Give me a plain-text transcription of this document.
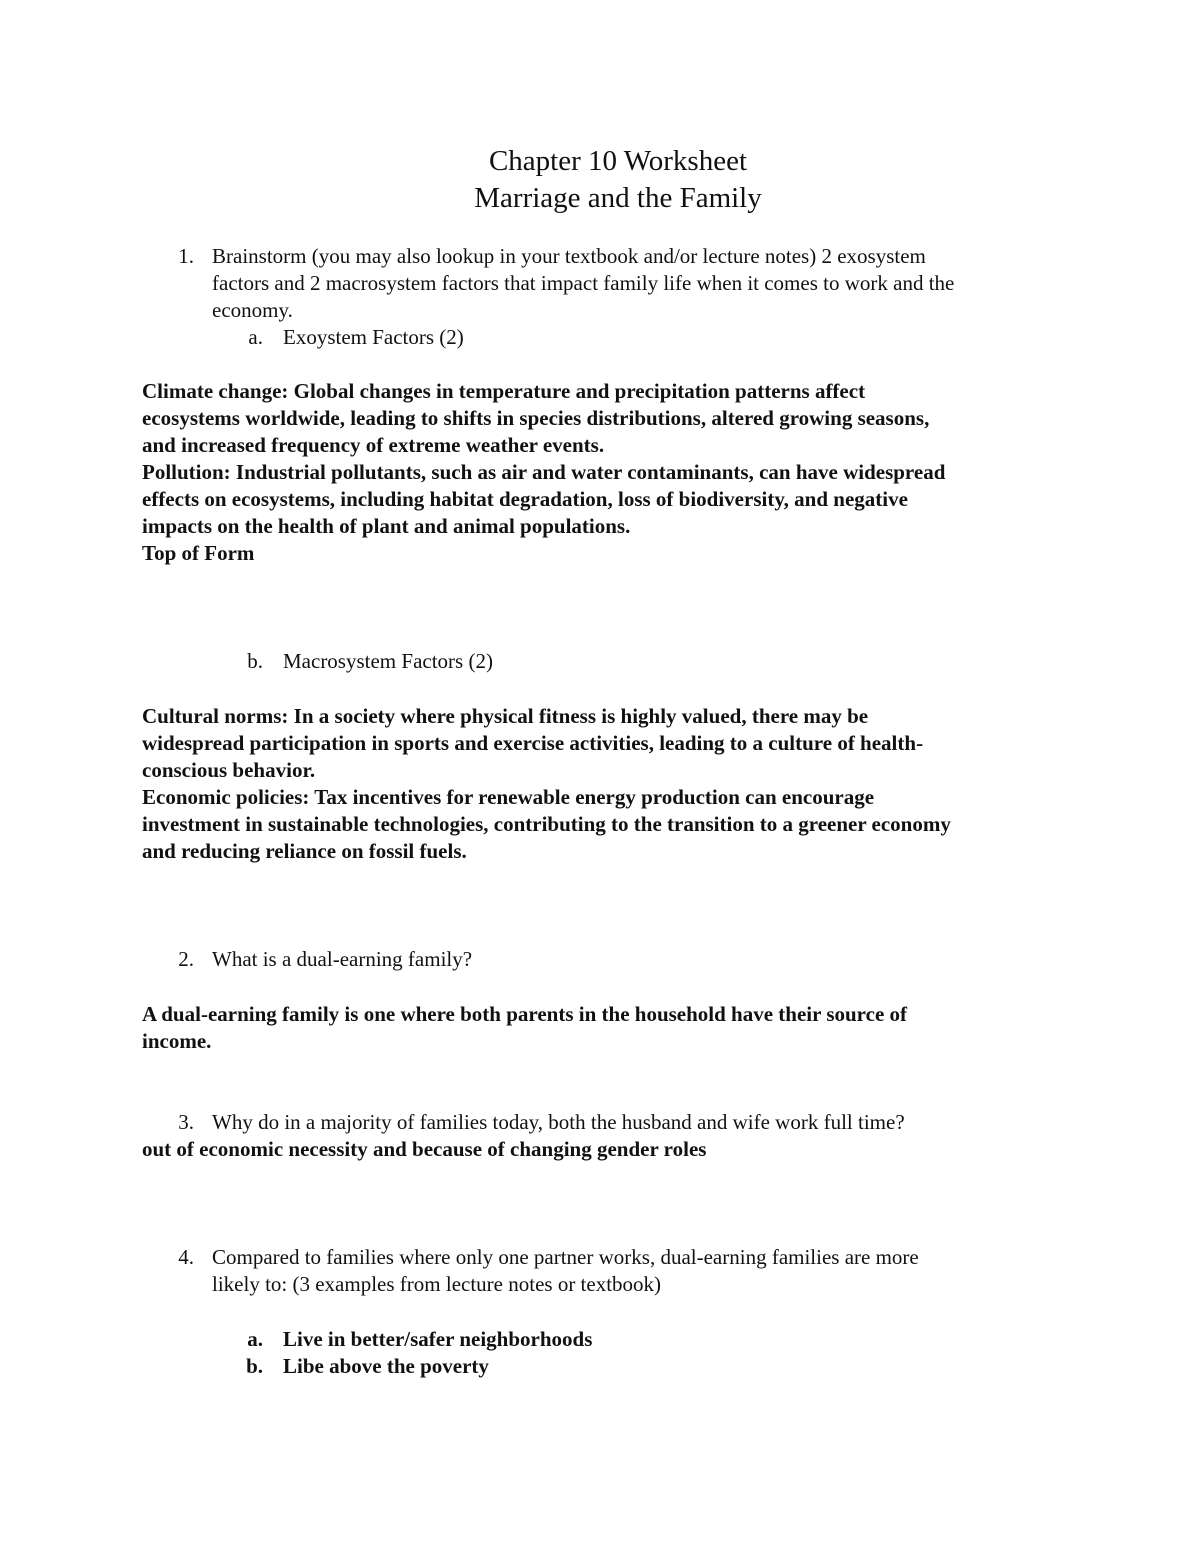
Chapter 10 Worksheet
Marriage and the Family
1. Brainstorm (you may also lookup in your textbook and/or lecture notes) 2 exosystem
factors and 2 macrosystem factors that impact family life when it comes to work and the
economy.
a. Exoystem Factors (2)
Climate change: Global changes in temperature and precipitation patterns affect
ecosystems worldwide, leading to shifts in species distributions, altered growing seasons,
and increased frequency of extreme weather events.
Pollution: Industrial pollutants, such as air and water contaminants, can have widespread
effects on ecosystems, including habitat degradation, loss of biodiversity, and negative
impacts on the health of plant and animal populations.
Top of Form
b. Macrosystem Factors (2)
Cultural norms: In a society where physical fitness is highly valued, there may be
widespread participation in sports and exercise activities, leading to a culture of health-
conscious behavior.
Economic policies: Tax incentives for renewable energy production can encourage
investment in sustainable technologies, contributing to the transition to a greener economy
and reducing reliance on fossil fuels.
2. What is a dual-earning family?
A dual-earning family is one where both parents in the household have their source of
income.
3. Why do in a majority of families today, both the husband and wife work full time?
out of economic necessity and because of changing gender roles
4. Compared to families where only one partner works, dual-earning families are more
likely to: (3 examples from lecture notes or textbook)
a. Live in better/safer neighborhoods
b. Libe above the poverty
